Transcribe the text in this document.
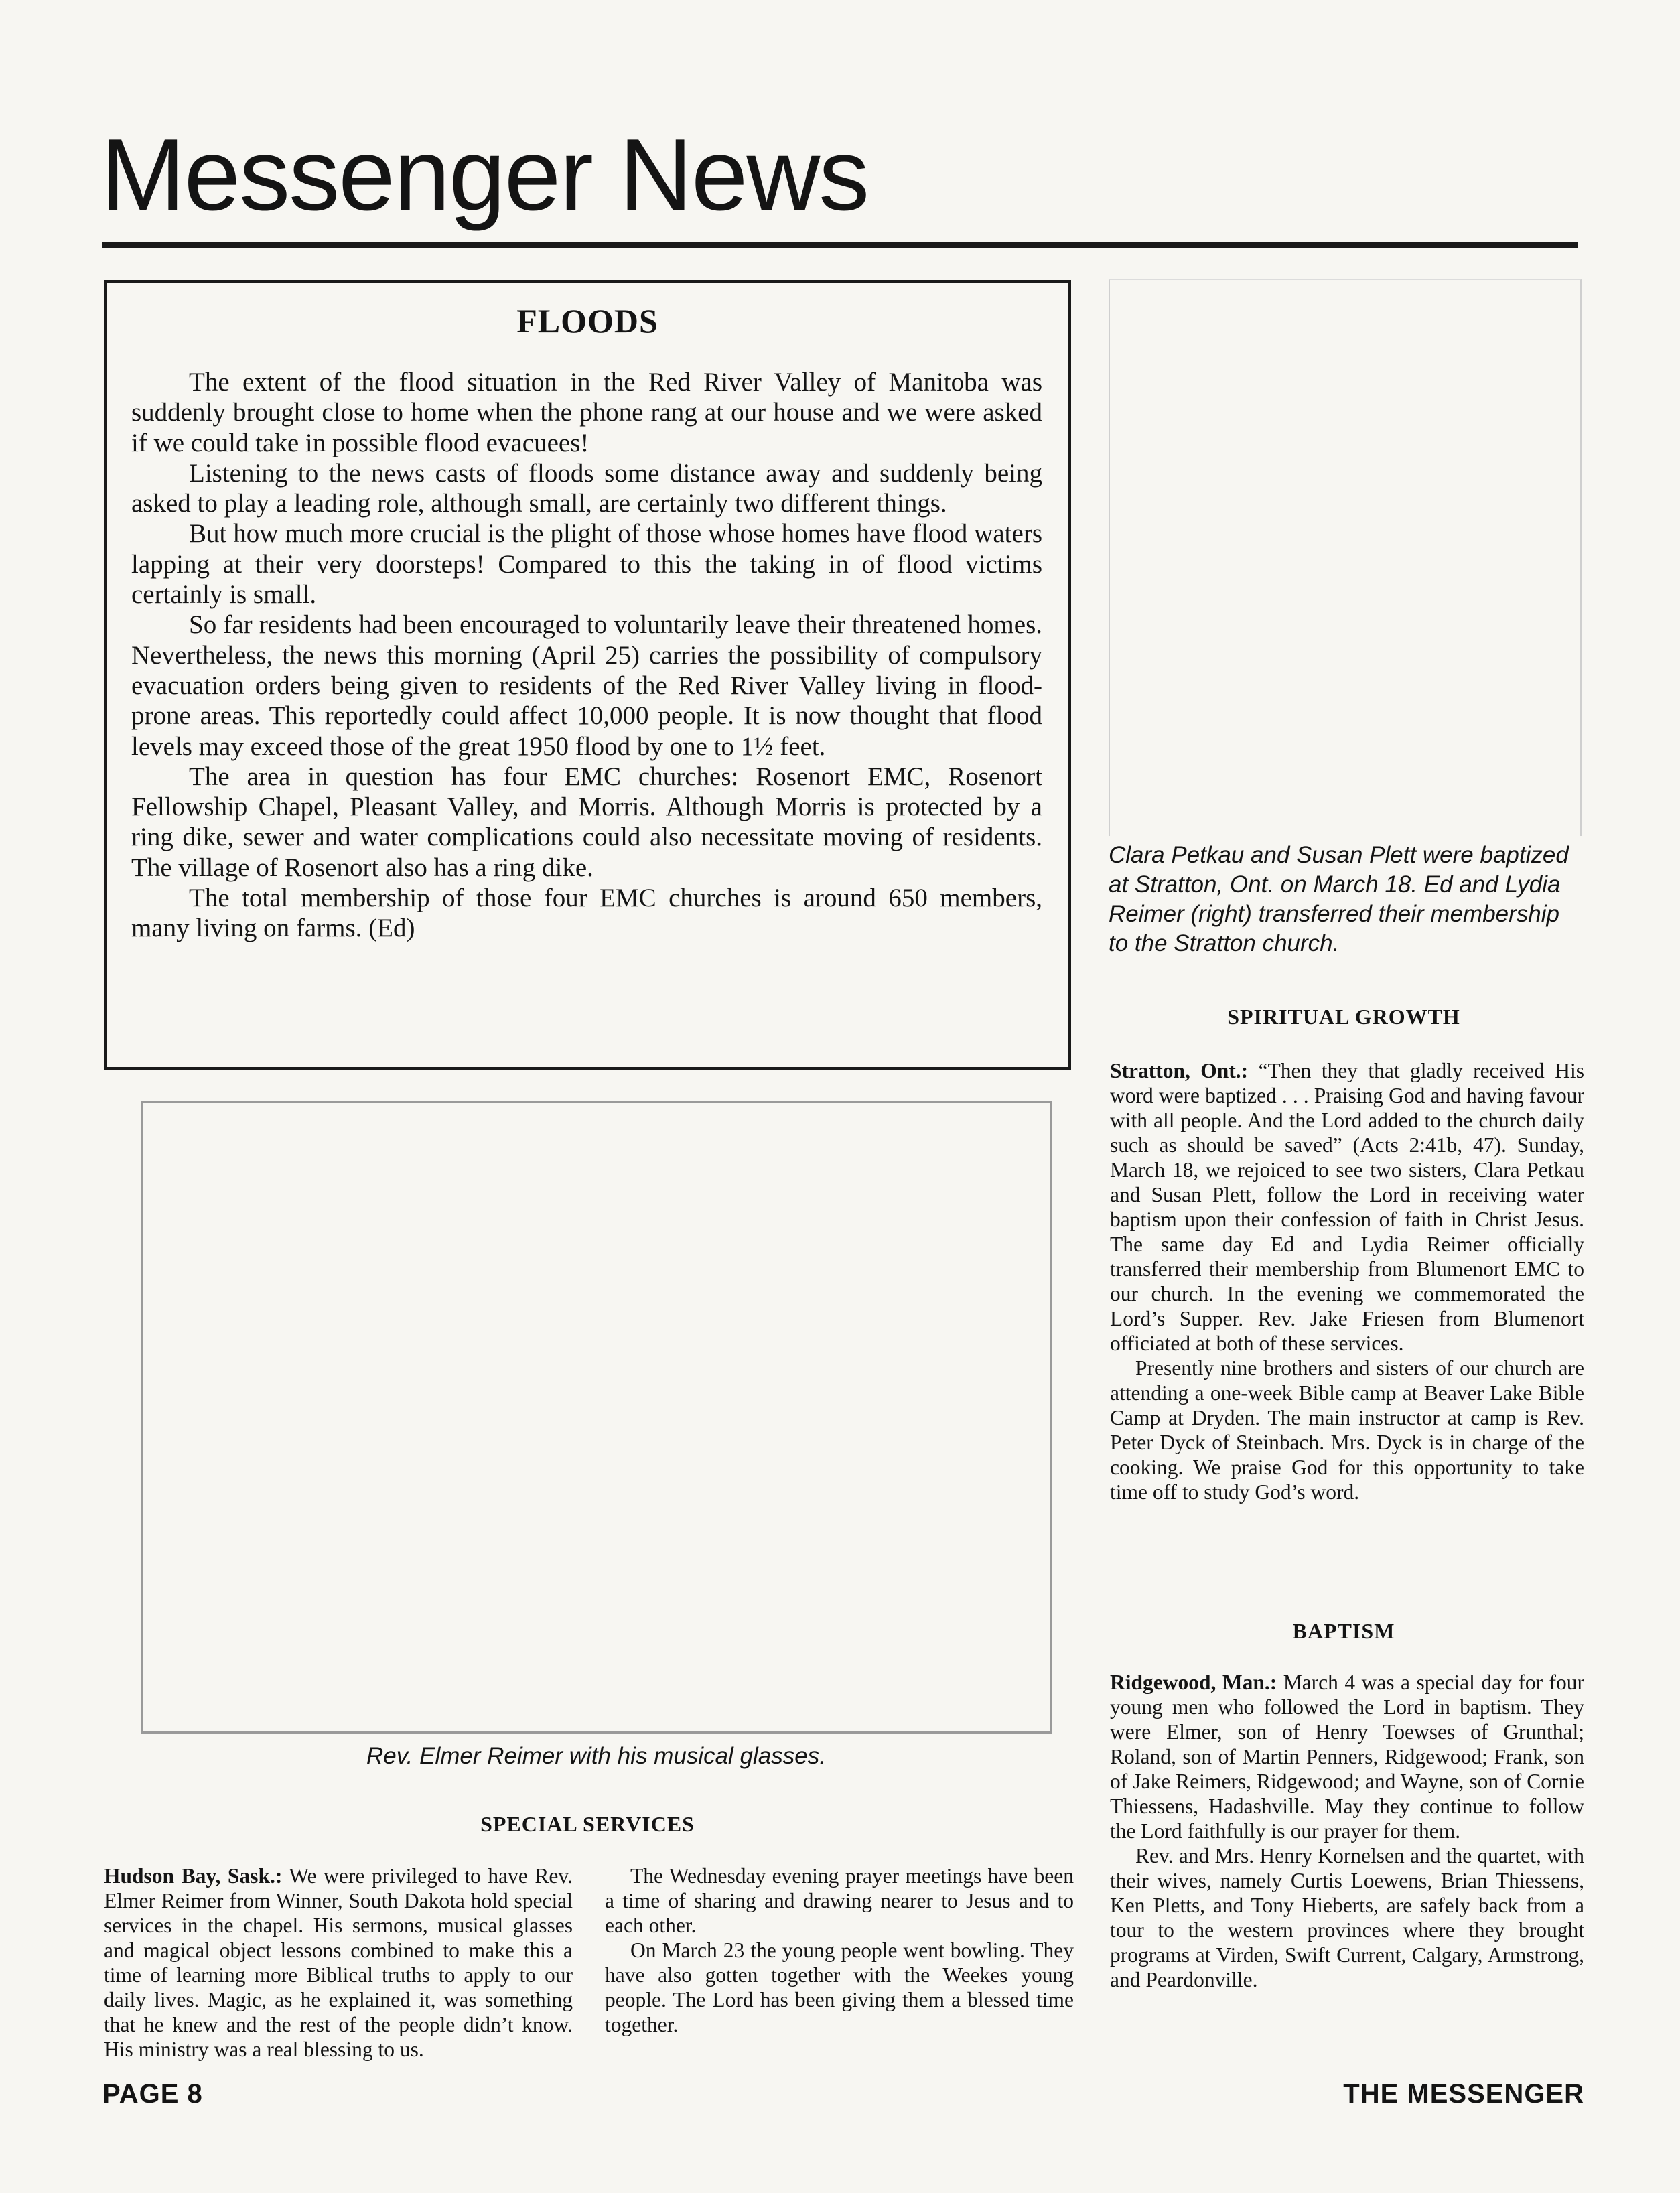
Messenger News
FLOODS

The extent of the flood situation in the Red River Valley of Manitoba was suddenly brought close to home when the phone rang at our house and we were asked if we could take in possible flood evacuees!

Listening to the news casts of floods some distance away and suddenly being asked to play a leading role, although small, are certainly two different things.

But how much more crucial is the plight of those whose homes have flood waters lapping at their very doorsteps! Compared to this the taking in of flood victims certainly is small.

So far residents had been encouraged to voluntarily leave their threatened homes. Nevertheless, the news this morning (April 25) carries the possibility of compulsory evacuation orders being given to residents of the Red River Valley living in flood-prone areas. This reportedly could affect 10,000 people. It is now thought that flood levels may exceed those of the great 1950 flood by one to 1½ feet.

The area in question has four EMC churches: Rosenort EMC, Rosenort Fellowship Chapel, Pleasant Valley, and Morris. Although Morris is protected by a ring dike, sewer and water complications could also necessitate moving of residents. The village of Rosenort also has a ring dike.

The total membership of those four EMC churches is around 650 members, many living on farms. (Ed)

Clara Petkau and Susan Plett were baptized at Stratton, Ont. on March 18. Ed and Lydia Reimer (right) transferred their membership to the Stratton church.
SPIRITUAL GROWTH

Stratton, Ont.: “Then they that gladly received His word were baptized . . . Praising God and having favour with all people. And the Lord added to the church daily such as should be saved” (Acts 2:41b, 47). Sunday, March 18, we rejoiced to see two sisters, Clara Petkau and Susan Plett, follow the Lord in receiving water baptism upon their confession of faith in Christ Jesus. The same day Ed and Lydia Reimer officially transferred their membership from Blumenort EMC to our church. In the evening we commemorated the Lord’s Supper. Rev. Jake Friesen from Blumenort officiated at both of these services.

Presently nine brothers and sisters of our church are attending a one-week Bible camp at Beaver Lake Bible Camp at Dryden. The main instructor at camp is Rev. Peter Dyck of Steinbach. Mrs. Dyck is in charge of the cooking. We praise God for this opportunity to take time off to study God’s word.

Rev. Elmer Reimer with his musical glasses.
SPECIAL SERVICES

Hudson Bay, Sask.: We were privileged to have Rev. Elmer Reimer from Winner, South Dakota hold special services in the chapel. His sermons, musical glasses and magical object lessons combined to make this a time of learning more Biblical truths to apply to our daily lives. Magic, as he explained it, was something that he knew and the rest of the people didn’t know. His ministry was a real blessing to us.

The Wednesday evening prayer meetings have been a time of sharing and drawing nearer to Jesus and to each other.

On March 23 the young people went bowling. They have also gotten together with the Weekes young people. The Lord has been giving them a blessed time together.

BAPTISM

Ridgewood, Man.: March 4 was a special day for four young men who followed the Lord in baptism. They were Elmer, son of Henry Toewses of Grunthal; Roland, son of Martin Penners, Ridgewood; Frank, son of Jake Reimers, Ridgewood; and Wayne, son of Cornie Thiessens, Hadashville. May they continue to follow the Lord faithfully is our prayer for them.

Rev. and Mrs. Henry Kornelsen and the quartet, with their wives, namely Curtis Loewens, Brian Thiessens, Ken Pletts, and Tony Hieberts, are safely back from a tour to the western provinces where they brought programs at Virden, Swift Current, Calgary, Armstrong, and Peardonville.

PAGE 8	THE MESSENGER
